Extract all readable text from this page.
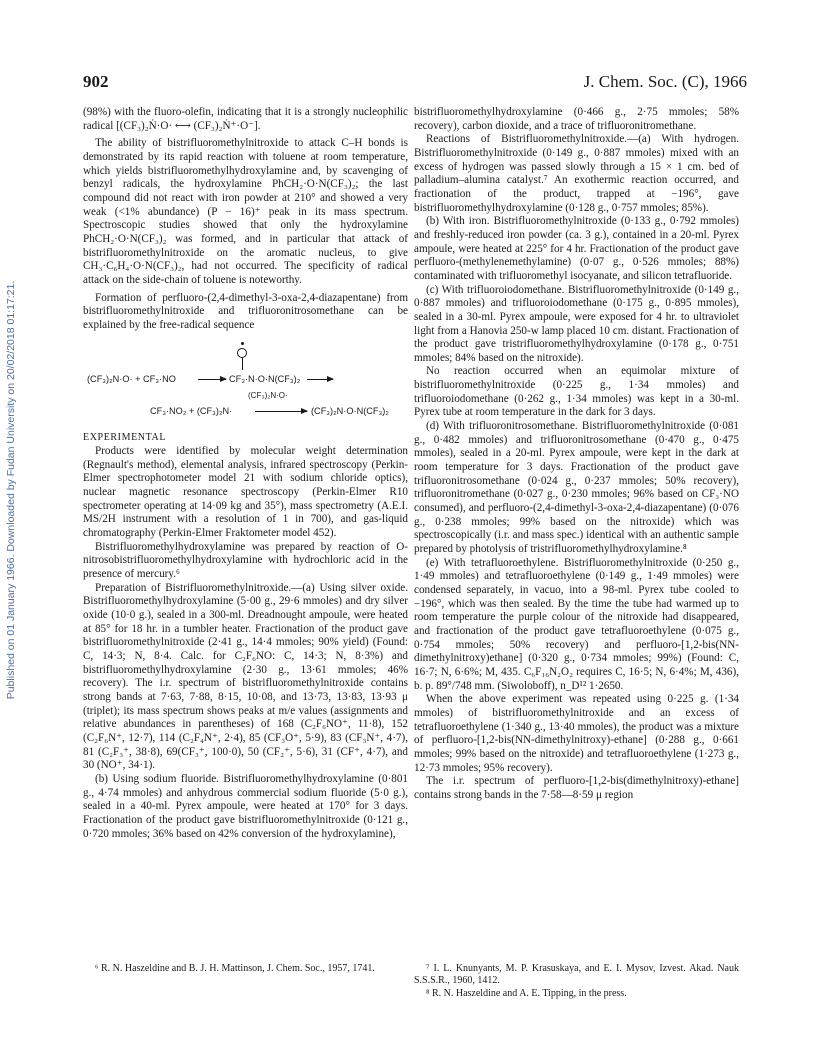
Published on 01 January 1966. Downloaded by Fudan University on 20/02/2018 01:17:21.
902	J. Chem. Soc. (C), 1966

(98%) with the fluoro-olefin, indicating that it is a strongly nucleophilic radical [(CF₃)₂Ṅ·O· ⟷ (CF₃)₂Ṅ⁺·O⁻].

The ability of bistrifluoromethylnitroxide to attack C–H bonds is demonstrated by its rapid reaction with toluene at room temperature, which yields bistrifluoromethylhydroxylamine and, by scavenging of benzyl radicals, the hydroxylamine PhCH₂·O·N(CF₃)₂; the last compound did not react with iron powder at 210° and showed a very weak (<1% abundance) (P − 16)⁺ peak in its mass spectrum. Spectroscopic studies showed that only the hydroxylamine PhCH₂·O·N(CF₃)₂ was formed, and in particular that attack of bistrifluoromethylnitroxide on the aromatic nucleus, to give CH₃·C₆H₄·O·N(CF₃)₂, had not occurred. The specificity of radical attack on the side-chain of toluene is noteworthy.

Formation of perfluoro-(2,4-dimethyl-3-oxa-2,4-diazapentane) from bistrifluoromethylnitroxide and trifluoronitrosomethane can be explained by the free-radical sequence

(CF₃)₂N·O· + CF₃·NO → CF₃·N·O·N(CF₃)₂ →
(CF₃)₂N·O·
CF₃·NO₂ + (CF₃)₂N·	(CF₃)₂N·O·N(CF₃)₂

EXPERIMENTAL

Products were identified by molecular weight determination (Regnault's method), elemental analysis, infrared spectroscopy (Perkin-Elmer spectrophotometer model 21 with sodium chloride optics), nuclear magnetic resonance spectroscopy (Perkin-Elmer R10 spectrometer operating at 14·09 kg and 35°), mass spectrometry (A.E.I. MS/2H instrument with a resolution of 1 in 700), and gas-liquid chromatography (Perkin-Elmer Fraktometer model 452).

Bistrifluoromethylhydroxylamine was prepared by reaction of O-nitrosobistrifluoromethylhydroxylamine with hydrochloric acid in the presence of mercury.⁶

Preparation of Bistrifluoromethylnitroxide.—(a) Using silver oxide. Bistrifluoromethylhydroxylamine (5·00 g., 29·6 mmoles) and dry silver oxide (10·0 g.), sealed in a 300-ml. Dreadnought ampoule, were heated at 85° for 18 hr. in a tumbler heater. Fractionation of the product gave bistrifluoromethylnitroxide (2·41 g., 14·4 mmoles; 90% yield) (Found: C, 14·3; N, 8·4. Calc. for C₂F₆NO: C, 14·3; N, 8·3%) and bistrifluoromethylhydroxylamine (2·30 g., 13·61 mmoles; 46% recovery). The i.r. spectrum of bistrifluoromethylnitroxide contains strong bands at 7·63, 7·88, 8·15, 10·08, and 13·73, 13·83, 13·93 μ (triplet); its mass spectrum shows peaks at m/e values (assignments and relative abundances in parentheses) of 168 (C₂F₆NO⁺, 11·8), 152 (C₂F₆N⁺, 12·7), 114 (C₂F₄N⁺, 2·4), 85 (CF₃O⁺, 5·9), 83 (CF₃N⁺, 4·7), 81 (C₂F₃⁺, 38·8), 69(CF₃⁺, 100·0), 50 (CF₂⁺, 5·6), 31 (CF⁺, 4·7), and 30 (NO⁺, 34·1).

(b) Using sodium fluoride. Bistrifluoromethylhydroxylamine (0·801 g., 4·74 mmoles) and anhydrous commercial sodium fluoride (5·0 g.), sealed in a 40-ml. Pyrex ampoule, were heated at 170° for 3 days. Fractionation of the product gave bistrifluoromethylnitroxide (0·121 g., 0·720 mmoles; 36% based on 42% conversion of the hydroxylamine),

bistrifluoromethylhydroxylamine (0·466 g., 2·75 mmoles; 58% recovery), carbon dioxide, and a trace of trifluoronitromethane.

Reactions of Bistrifluoromethylnitroxide.—(a) With hydrogen. Bistrifluoromethylnitroxide (0·149 g., 0·887 mmoles) mixed with an excess of hydrogen was passed slowly through a 15 × 1 cm. bed of palladium–alumina catalyst.⁷ An exothermic reaction occurred, and fractionation of the product, trapped at −196°, gave bistrifluoromethylhydroxylamine (0·128 g., 0·757 mmoles; 85%).

(b) With iron. Bistrifluoromethylnitroxide (0·133 g., 0·792 mmoles) and freshly-reduced iron powder (ca. 3 g.), contained in a 20-ml. Pyrex ampoule, were heated at 225° for 4 hr. Fractionation of the product gave perfluoro-(methylenemethylamine) (0·07 g., 0·526 mmoles; 88%) contaminated with trifluoromethyl isocyanate, and silicon tetrafluoride.

(c) With trifluoroiodomethane. Bistrifluoromethylnitroxide (0·149 g., 0·887 mmoles) and trifluoroiodomethane (0·175 g., 0·895 mmoles), sealed in a 30-ml. Pyrex ampoule, were exposed for 4 hr. to ultraviolet light from a Hanovia 250-w lamp placed 10 cm. distant. Fractionation of the product gave tristrifluoromethylhydroxylamine (0·178 g., 0·751 mmoles; 84% based on the nitroxide).

No reaction occurred when an equimolar mixture of bistrifluoromethylnitroxide (0·225 g., 1·34 mmoles) and trifluoroiodomethane (0·262 g., 1·34 mmoles) was kept in a 30-ml. Pyrex tube at room temperature in the dark for 3 days.

(d) With trifluoronitrosomethane. Bistrifluoromethylnitroxide (0·081 g., 0·482 mmoles) and trifluoronitrosomethane (0·470 g., 0·475 mmoles), sealed in a 20-ml. Pyrex ampoule, were kept in the dark at room temperature for 3 days. Fractionation of the product gave trifluoronitrosomethane (0·024 g., 0·237 mmoles; 50% recovery), trifluoronitromethane (0·027 g., 0·230 mmoles; 96% based on CF₃·NO consumed), and perfluoro-(2,4-dimethyl-3-oxa-2,4-diazapentane) (0·076 g., 0·238 mmoles; 99% based on the nitroxide) which was spectroscopically (i.r. and mass spec.) identical with an authentic sample prepared by photolysis of tristrifluoromethylhydroxylamine.⁸

(e) With tetrafluoroethylene. Bistrifluoromethylnitroxide (0·250 g., 1·49 mmoles) and tetrafluoroethylene (0·149 g., 1·49 mmoles) were condensed separately, in vacuo, into a 98-ml. Pyrex tube cooled to −196°, which was then sealed. By the time the tube had warmed up to room temperature the purple colour of the nitroxide had disappeared, and fractionation of the product gave tetrafluoroethylene (0·075 g., 0·754 mmoles; 50% recovery) and perfluoro-[1,2-bis(NN-dimethylnitroxy)ethane] (0·320 g., 0·734 mmoles; 99%) (Found: C, 16·7; N, 6·6%; M, 435. C₆F₁₆N₂O₂ requires C, 16·5; N, 6·4%; M, 436), b. p. 89°/748 mm. (Siwoloboff), n_D¹² 1·2650.

When the above experiment was repeated using 0·225 g. (1·34 mmoles) of bistrifluoromethylnitroxide and an excess of tetrafluoroethylene (1·340 g., 13·40 mmoles), the product was a mixture of perfluoro-[1,2-bis(NN-dimethylnitroxy)-ethane] (0·288 g., 0·661 mmoles; 99% based on the nitroxide) and tetrafluoroethylene (1·273 g., 12·73 mmoles; 95% recovery).

The i.r. spectrum of perfluoro-[1,2-bis(dimethylnitroxy)-ethane] contains strong bands in the 7·58—8·59 μ region

⁶ R. N. Haszeldine and B. J. H. Mattinson, J. Chem. Soc., 1957, 1741.	⁷ I. L. Knunyants, M. P. Krasuskaya, and E. I. Mysov, Izvest. Akad. Nauk S.S.S.R., 1960, 1412.

⁸ R. N. Haszeldine and A. E. Tipping, in the press.
